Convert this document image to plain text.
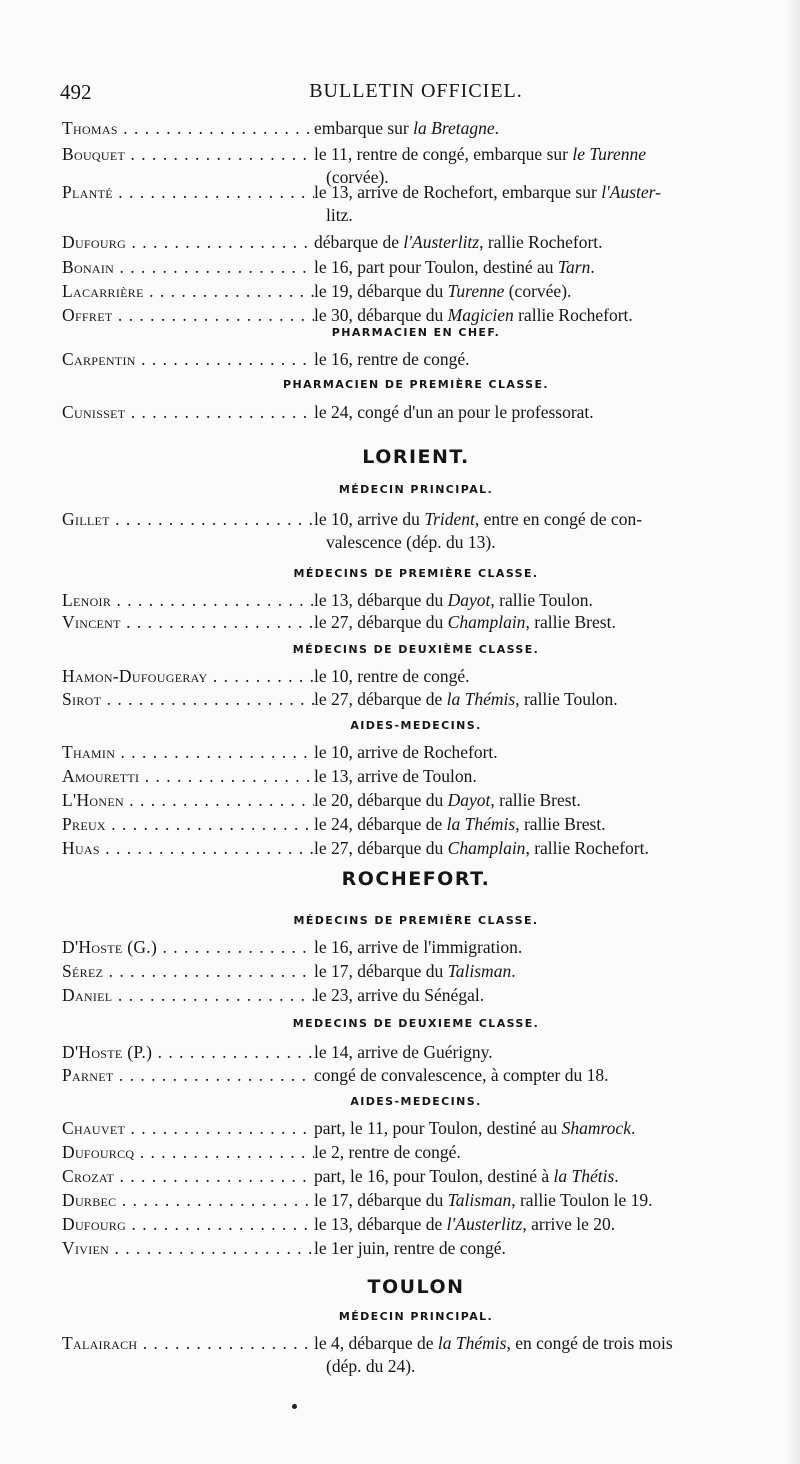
492	BULLETIN OFFICIEL.
LORIENT.
ROCHEFORT.
TOULON
PHARMACIEN EN CHEF.
PHARMACIEN DE PREMIÈRE CLASSE.
MÉDECIN PRINCIPAL.
MÉDECINS DE PREMIÈRE CLASSE.
MÉDECINS DE DEUXIÈME CLASSE.
AIDES-MEDECINS.
MÉDECINS DE PREMIÈRE CLASSE.
MEDECINS DE DEUXIEME CLASSE.
AIDES-MEDECINS.
MÉDECIN PRINCIPAL.
Thomas . . .	embarque sur la Bretagne.
Bouquet . . .	le 11, rentre de congé, embarque sur le Turenne
(corvée).
Planté . . .	le 13, arrive de Rochefort, embarque sur l'Auster-
litz.
Dufourg . . .	débarque de l'Austerlitz, rallie Rochefort.
Bonain . . .	le 16, part pour Toulon, destiné au Tarn.
Lacarrière . . .	le 19, débarque du Turenne (corvée).
Offret . . .	le 30, débarque du Magicien rallie Rochefort.
Carpentin . . .	le 16, rentre de congé.
Cunisset . . .	le 24, congé d'un an pour le professorat.
Gillet . . .	le 10, arrive du Trident, entre en congé de con-
valescence (dép. du 13).
Lenoir . . .	le 13, débarque du Dayot, rallie Toulon.
Vincent . . .	le 27, débarque du Champlain, rallie Brest.
Hamon-Dufougeray . . .	le 10, rentre de congé.
Sirot . . .	le 27, débarque de la Thémis, rallie Toulon.
Thamin . . .	le 10, arrive de Rochefort.
Amouretti . . .	le 13, arrive de Toulon.
L'Honen . . .	le 20, débarque du Dayot, rallie Brest.
Preux . . .	le 24, débarque de la Thémis, rallie Brest.
Huas . . .	le 27, débarque du Champlain, rallie Rochefort.
D'Hoste (G.) . . .	le 16, arrive de l'immigration.
Sérez . . .	le 17, débarque du Talisman.
Daniel . . .	le 23, arrive du Sénégal.
D'Hoste (P.) . . .	le 14, arrive de Guérigny.
Parnet . . .	congé de convalescence, à compter du 18.
Chauvet . . .	part, le 11, pour Toulon, destiné au Shamrock.
Dufourcq . . .	le 2, rentre de congé.
Crozat . . .	part, le 16, pour Toulon, destiné à la Thétis.
Durbec . . .	le 17, débarque du Talisman, rallie Toulon le 19.
Dufourg . . .	le 13, débarque de l'Austerlitz, arrive le 20.
Vivien . . .	le 1er juin, rentre de congé.
Talairach . . .	le 4, débarque de la Thémis, en congé de trois mois
(dép. du 24).
